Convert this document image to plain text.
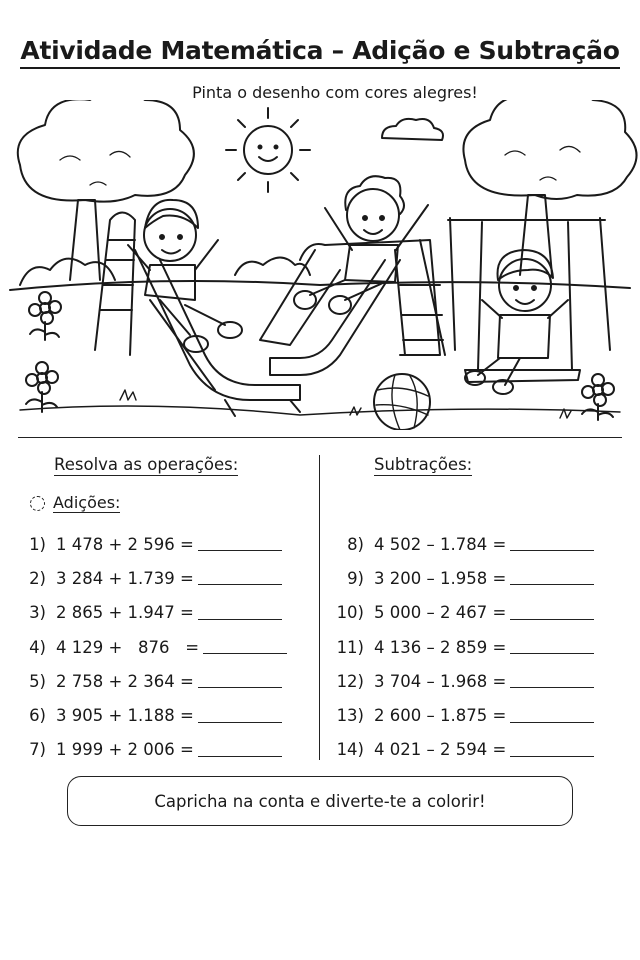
Atividade Matemática – Adição e Subtração
Pinta o desenho com cores alegres!
Resolva as operações:	Subtrações:
Adições:
1) 1 478 + 2 596 =
2) 3 284 + 1.739 =
3) 2 865 + 1.947 =
4) 4 129 +   876   =
5) 2 758 + 2 364 =
6) 3 905 + 1.188 =
7) 1 999 + 2 006 =
8) 4 502 – 1.784 =
9) 3 200 – 1.958 =
10) 5 000 – 2 467 =
11) 4 136 – 2 859 =
12) 3 704 – 1.968 =
13) 2 600 – 1.875 =
14) 4 021 – 2 594 =
Capricha na conta e diverte-te a colorir!
